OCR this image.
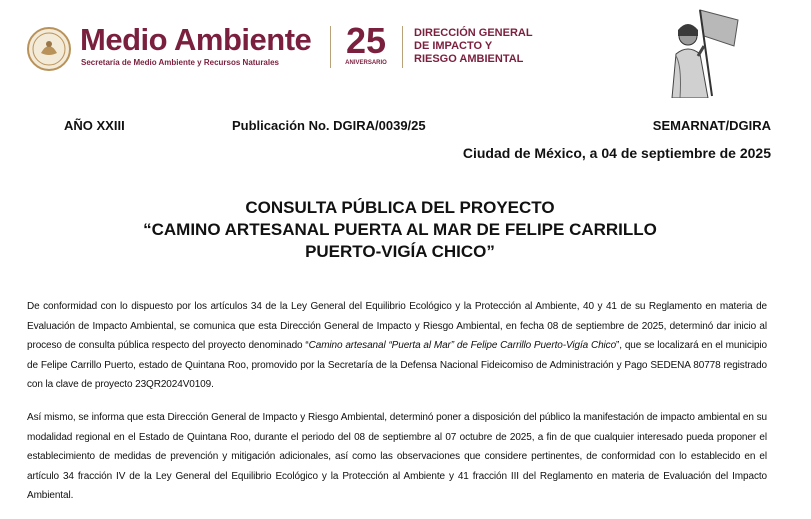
Medio Ambiente
Secretaría de Medio Ambiente y Recursos Naturales
25
ANIVERSARIO
DIRECCIÓN GENERAL
DE IMPACTO Y
RIESGO AMBIENTAL
AÑO XXIII	Publicación No. DGIRA/0039/25	SEMARNAT/DGIRA
Ciudad de México, a 04 de septiembre de 2025
CONSULTA PÚBLICA DEL PROYECTO
“CAMINO ARTESANAL PUERTA AL MAR DE FELIPE CARRILLO
PUERTO-VIGÍA CHICO”
De conformidad con lo dispuesto por los artículos 34 de la Ley General del Equilibrio Ecológico y la Protección al Ambiente, 40 y 41 de su Reglamento en materia de Evaluación de Impacto Ambiental, se comunica que esta Dirección General de Impacto y Riesgo Ambiental, en fecha 08 de septiembre de 2025, determinó dar inicio al proceso de consulta pública respecto del proyecto denominado “Camino artesanal “Puerta al Mar” de Felipe Carrillo Puerto-Vigía Chico”, que se localizará en el municipio de Felipe Carrillo Puerto, estado de Quintana Roo, promovido por la Secretaría de la Defensa Nacional Fideicomiso de Administración y Pago SEDENA 80778 registrado con la clave de proyecto 23QR2024V0109.
Así mismo, se informa que esta Dirección General de Impacto y Riesgo Ambiental, determinó poner a disposición del público la manifestación de impacto ambiental en su modalidad regional en el Estado de Quintana Roo, durante el periodo del 08 de septiembre al 07 octubre de 2025, a fin de que cualquier interesado pueda proponer el establecimiento de medidas de prevención y mitigación adicionales, así como las observaciones que considere pertinentes, de conformidad con lo establecido en el artículo 34 fracción IV de la Ley General del Equilibrio Ecológico y la Protección al Ambiente y 41 fracción III del Reglamento en materia de Evaluación del Impacto Ambiental.
